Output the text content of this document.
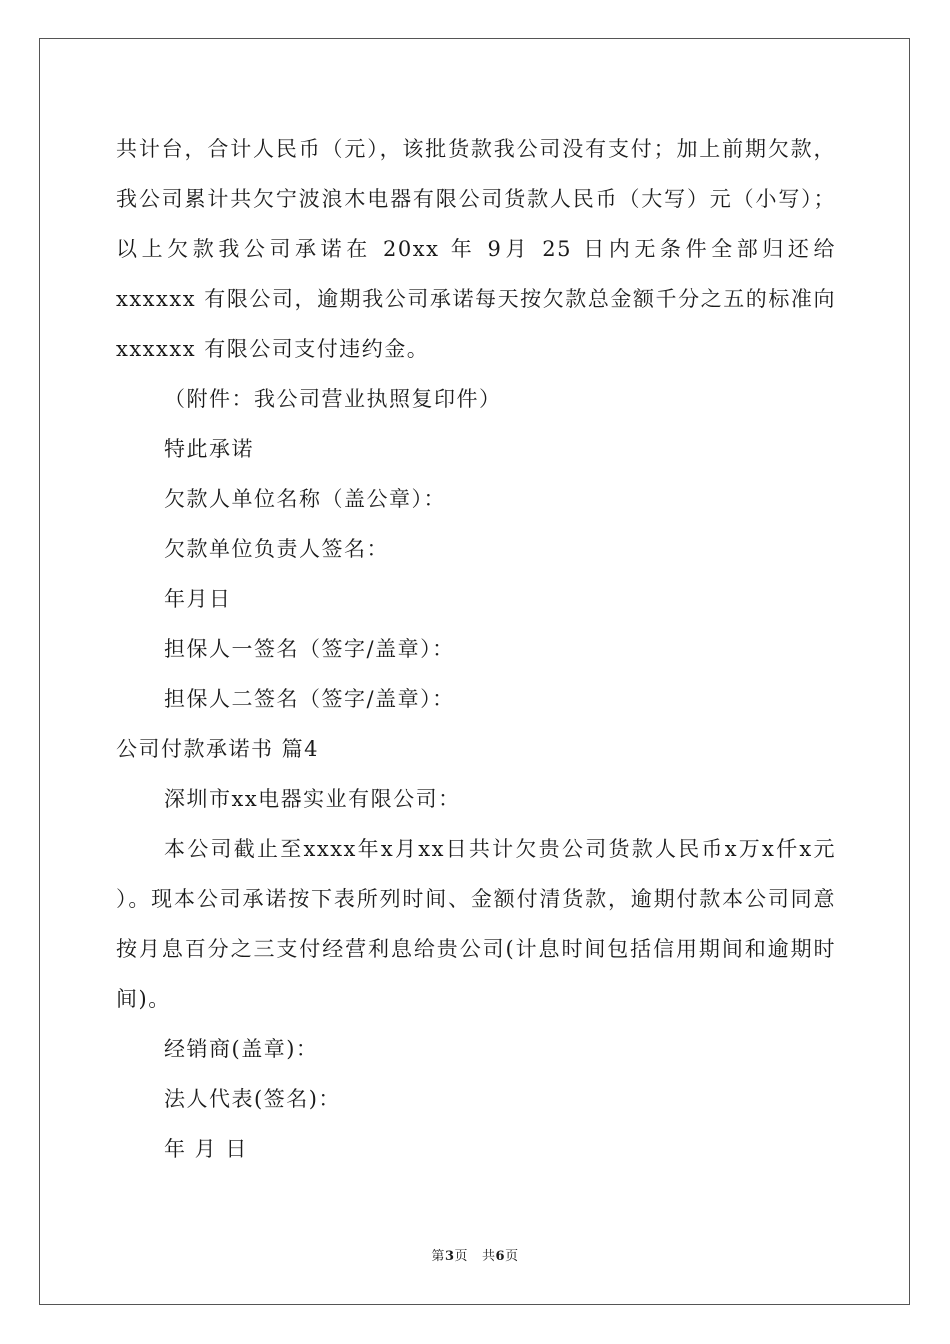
共计台，合计人民币（元），该批货款我公司没有支付；加上前期欠款，我公司累计共欠宁波浪木电器有限公司货款人民币（大写）元（小写）；以上欠款我公司承诺在 20xx 年 9月 25 日内无条件全部归还给 xxxxxx 有限公司，逾期我公司承诺每天按欠款总金额千分之五的标准向 xxxxxx 有限公司支付违约金。

（附件：我公司营业执照复印件）

特此承诺

欠款人单位名称（盖公章）：

欠款单位负责人签名：

年月日

担保人一签名（签字/盖章）：

担保人二签名（签字/盖章）：

公司付款承诺书 篇4

深圳市xx电器实业有限公司：

本公司截止至xxxx年x月xx日共计欠贵公司货款人民币x万x仟x元 ）。现本公司承诺按下表所列时间、金额付清货款，逾期付款本公司同意按月息百分之三支付经营利息给贵公司(计息时间包括信用期间和逾期时间)。

经销商(盖章)：

法人代表(签名)：

年 月 日

第3页 共6页
